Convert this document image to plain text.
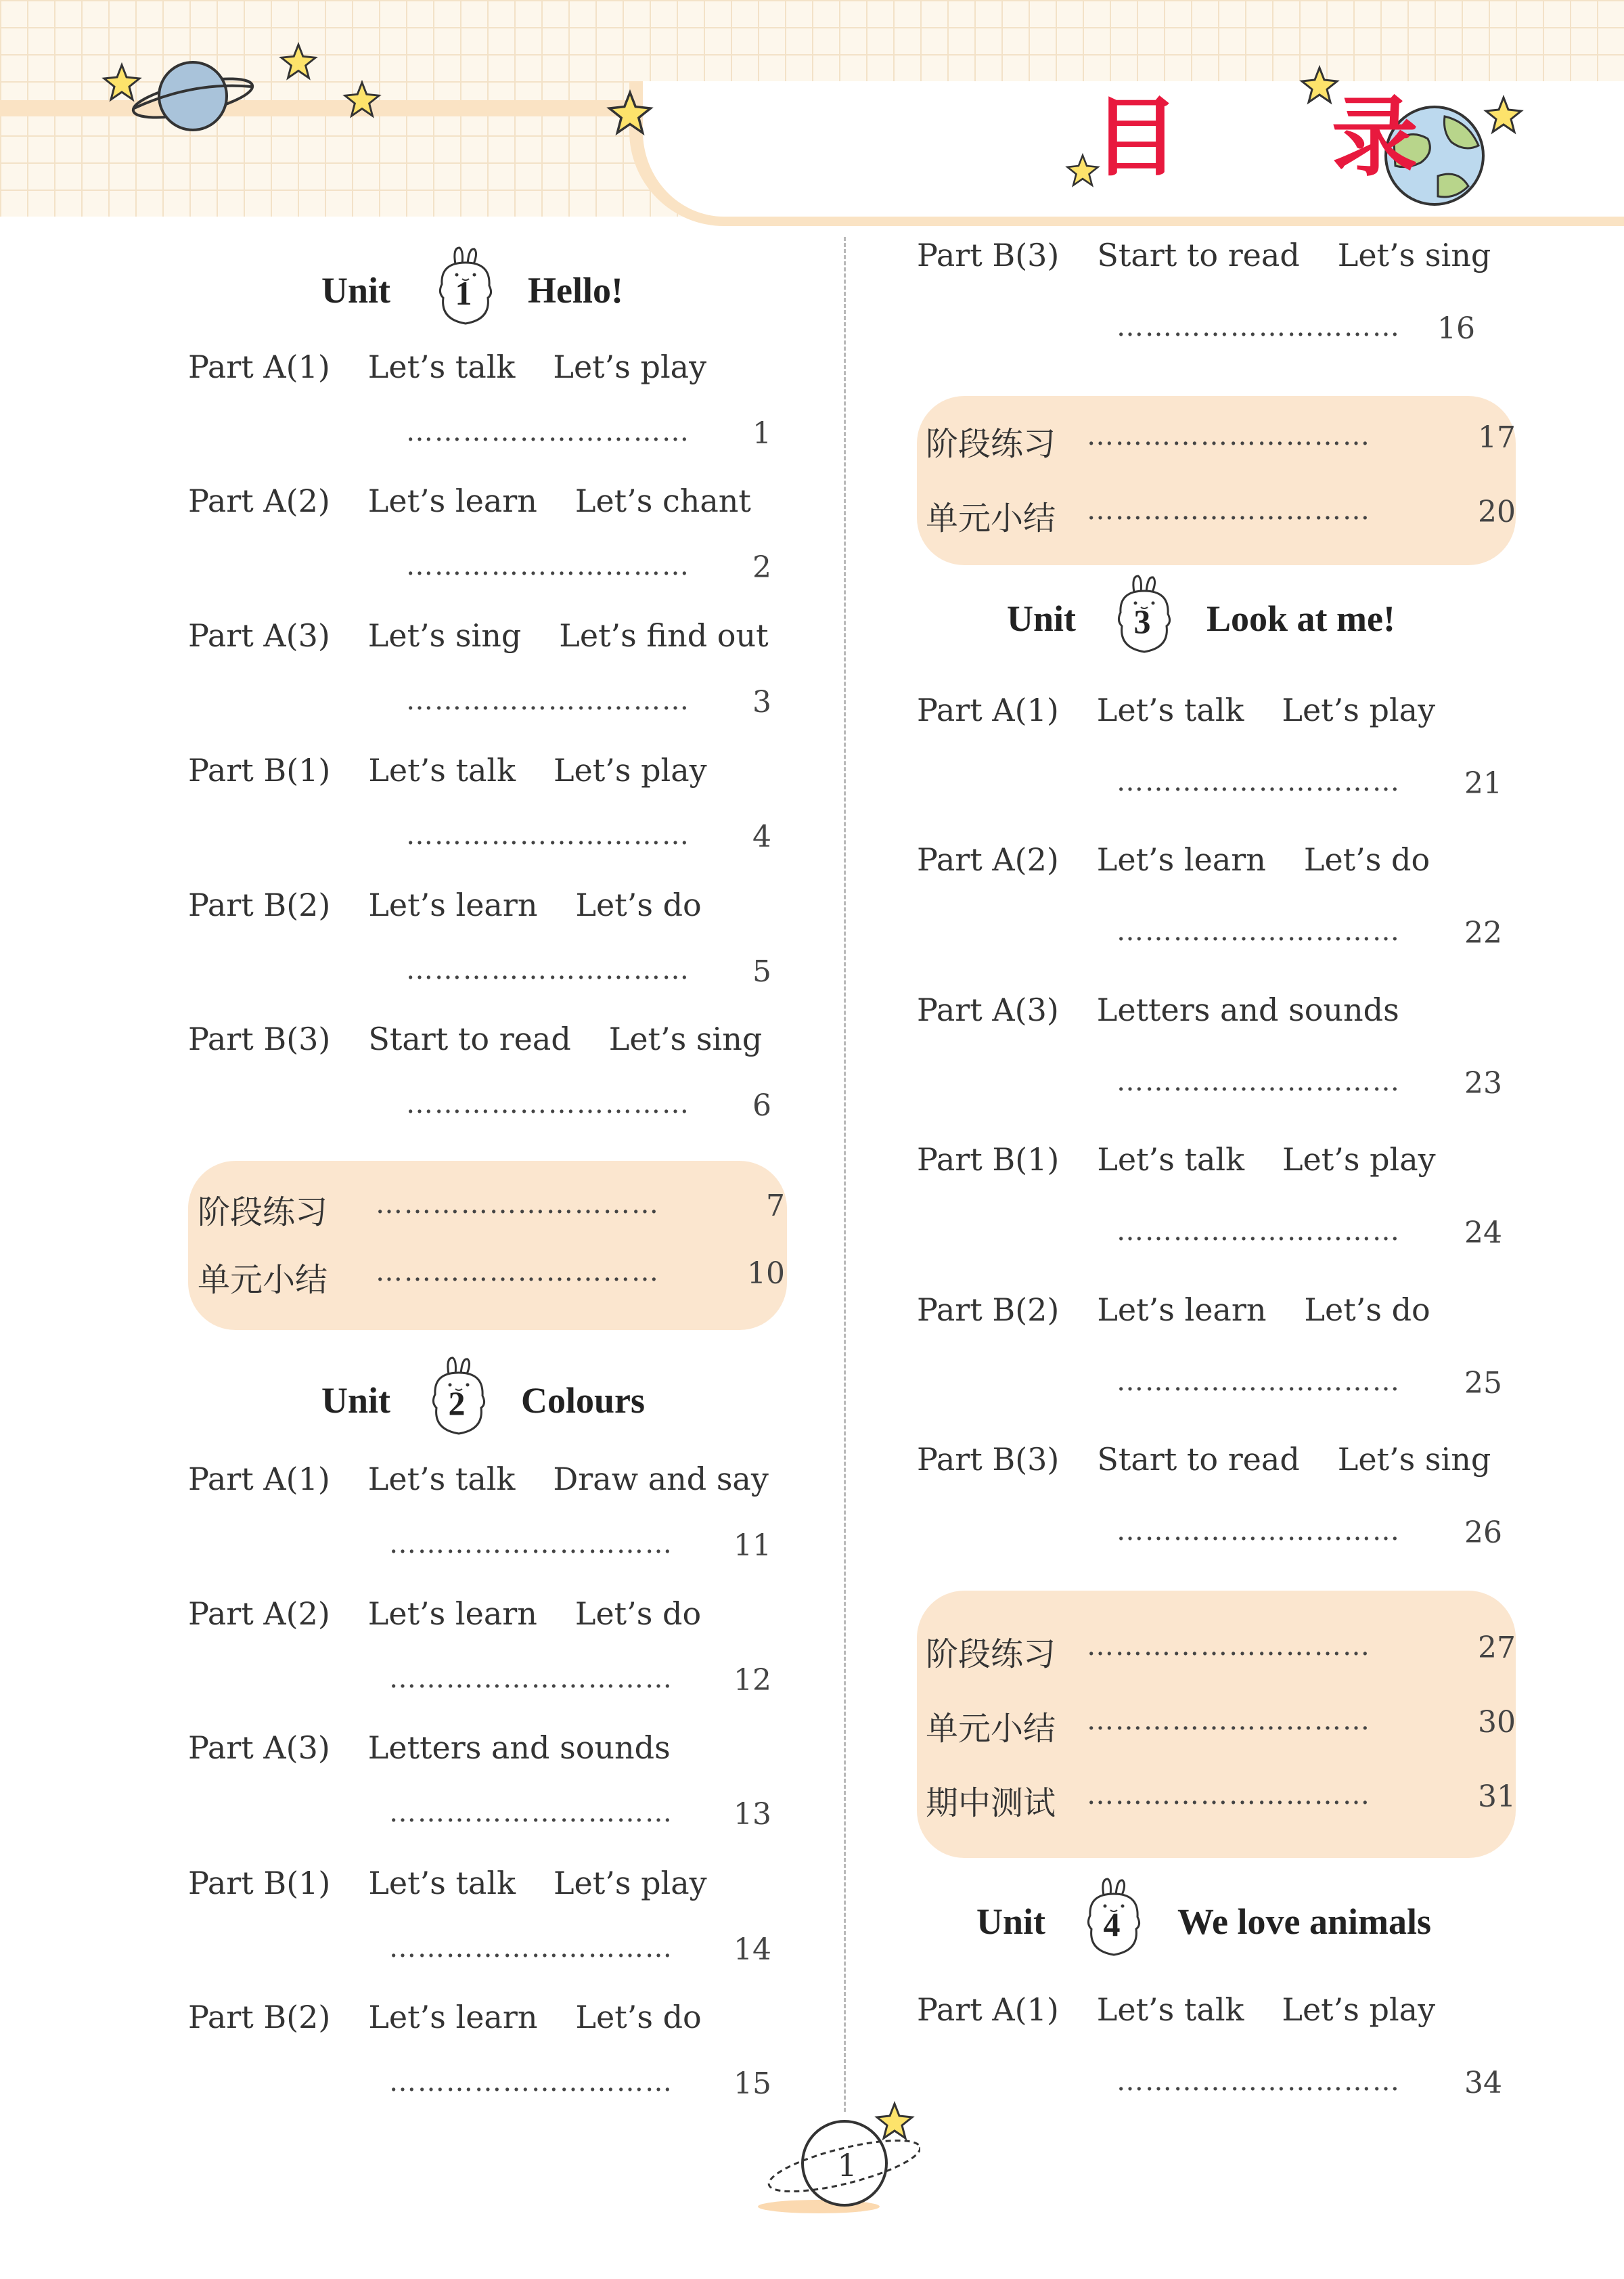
目 录
Unit	1	Hello!
Part A(1) Let’s talk Let’s play
…………………………	1
Part A(2) Let’s learn Let’s chant
…………………………	2
Part A(3) Let’s sing Let’s find out
…………………………	3
Part B(1) Let’s talk Let’s play
…………………………	4
Part B(2) Let’s learn Let’s do
…………………………	5
Part B(3) Start to read Let’s sing
…………………………	6
阶段练习 …………………………	7
单元小结 …………………………	10
Unit	2	Colours
Part A(1) Let’s talk Draw and say
…………………………	11
Part A(2) Let’s learn Let’s do
…………………………	12
Part A(3) Letters and sounds
…………………………	13
Part B(1) Let’s talk Let’s play
…………………………	14
Part B(2) Let’s learn Let’s do
…………………………	15
Part B(3) Start to read Let’s sing
…………………………	16
阶段练习 …………………………	17
单元小结 …………………………	20
Unit	3	Look at me!
Part A(1) Let’s talk Let’s play
…………………………	21
Part A(2) Let’s learn Let’s do
…………………………	22
Part A(3) Letters and sounds
…………………………	23
Part B(1) Let’s talk Let’s play
…………………………	24
Part B(2) Let’s learn Let’s do
…………………………	25
Part B(3) Start to read Let’s sing
…………………………	26
阶段练习 …………………………	27
单元小结 …………………………	30
期中测试 …………………………	31
Unit	4	We love animals
Part A(1) Let’s talk Let’s play
…………………………	34
1
